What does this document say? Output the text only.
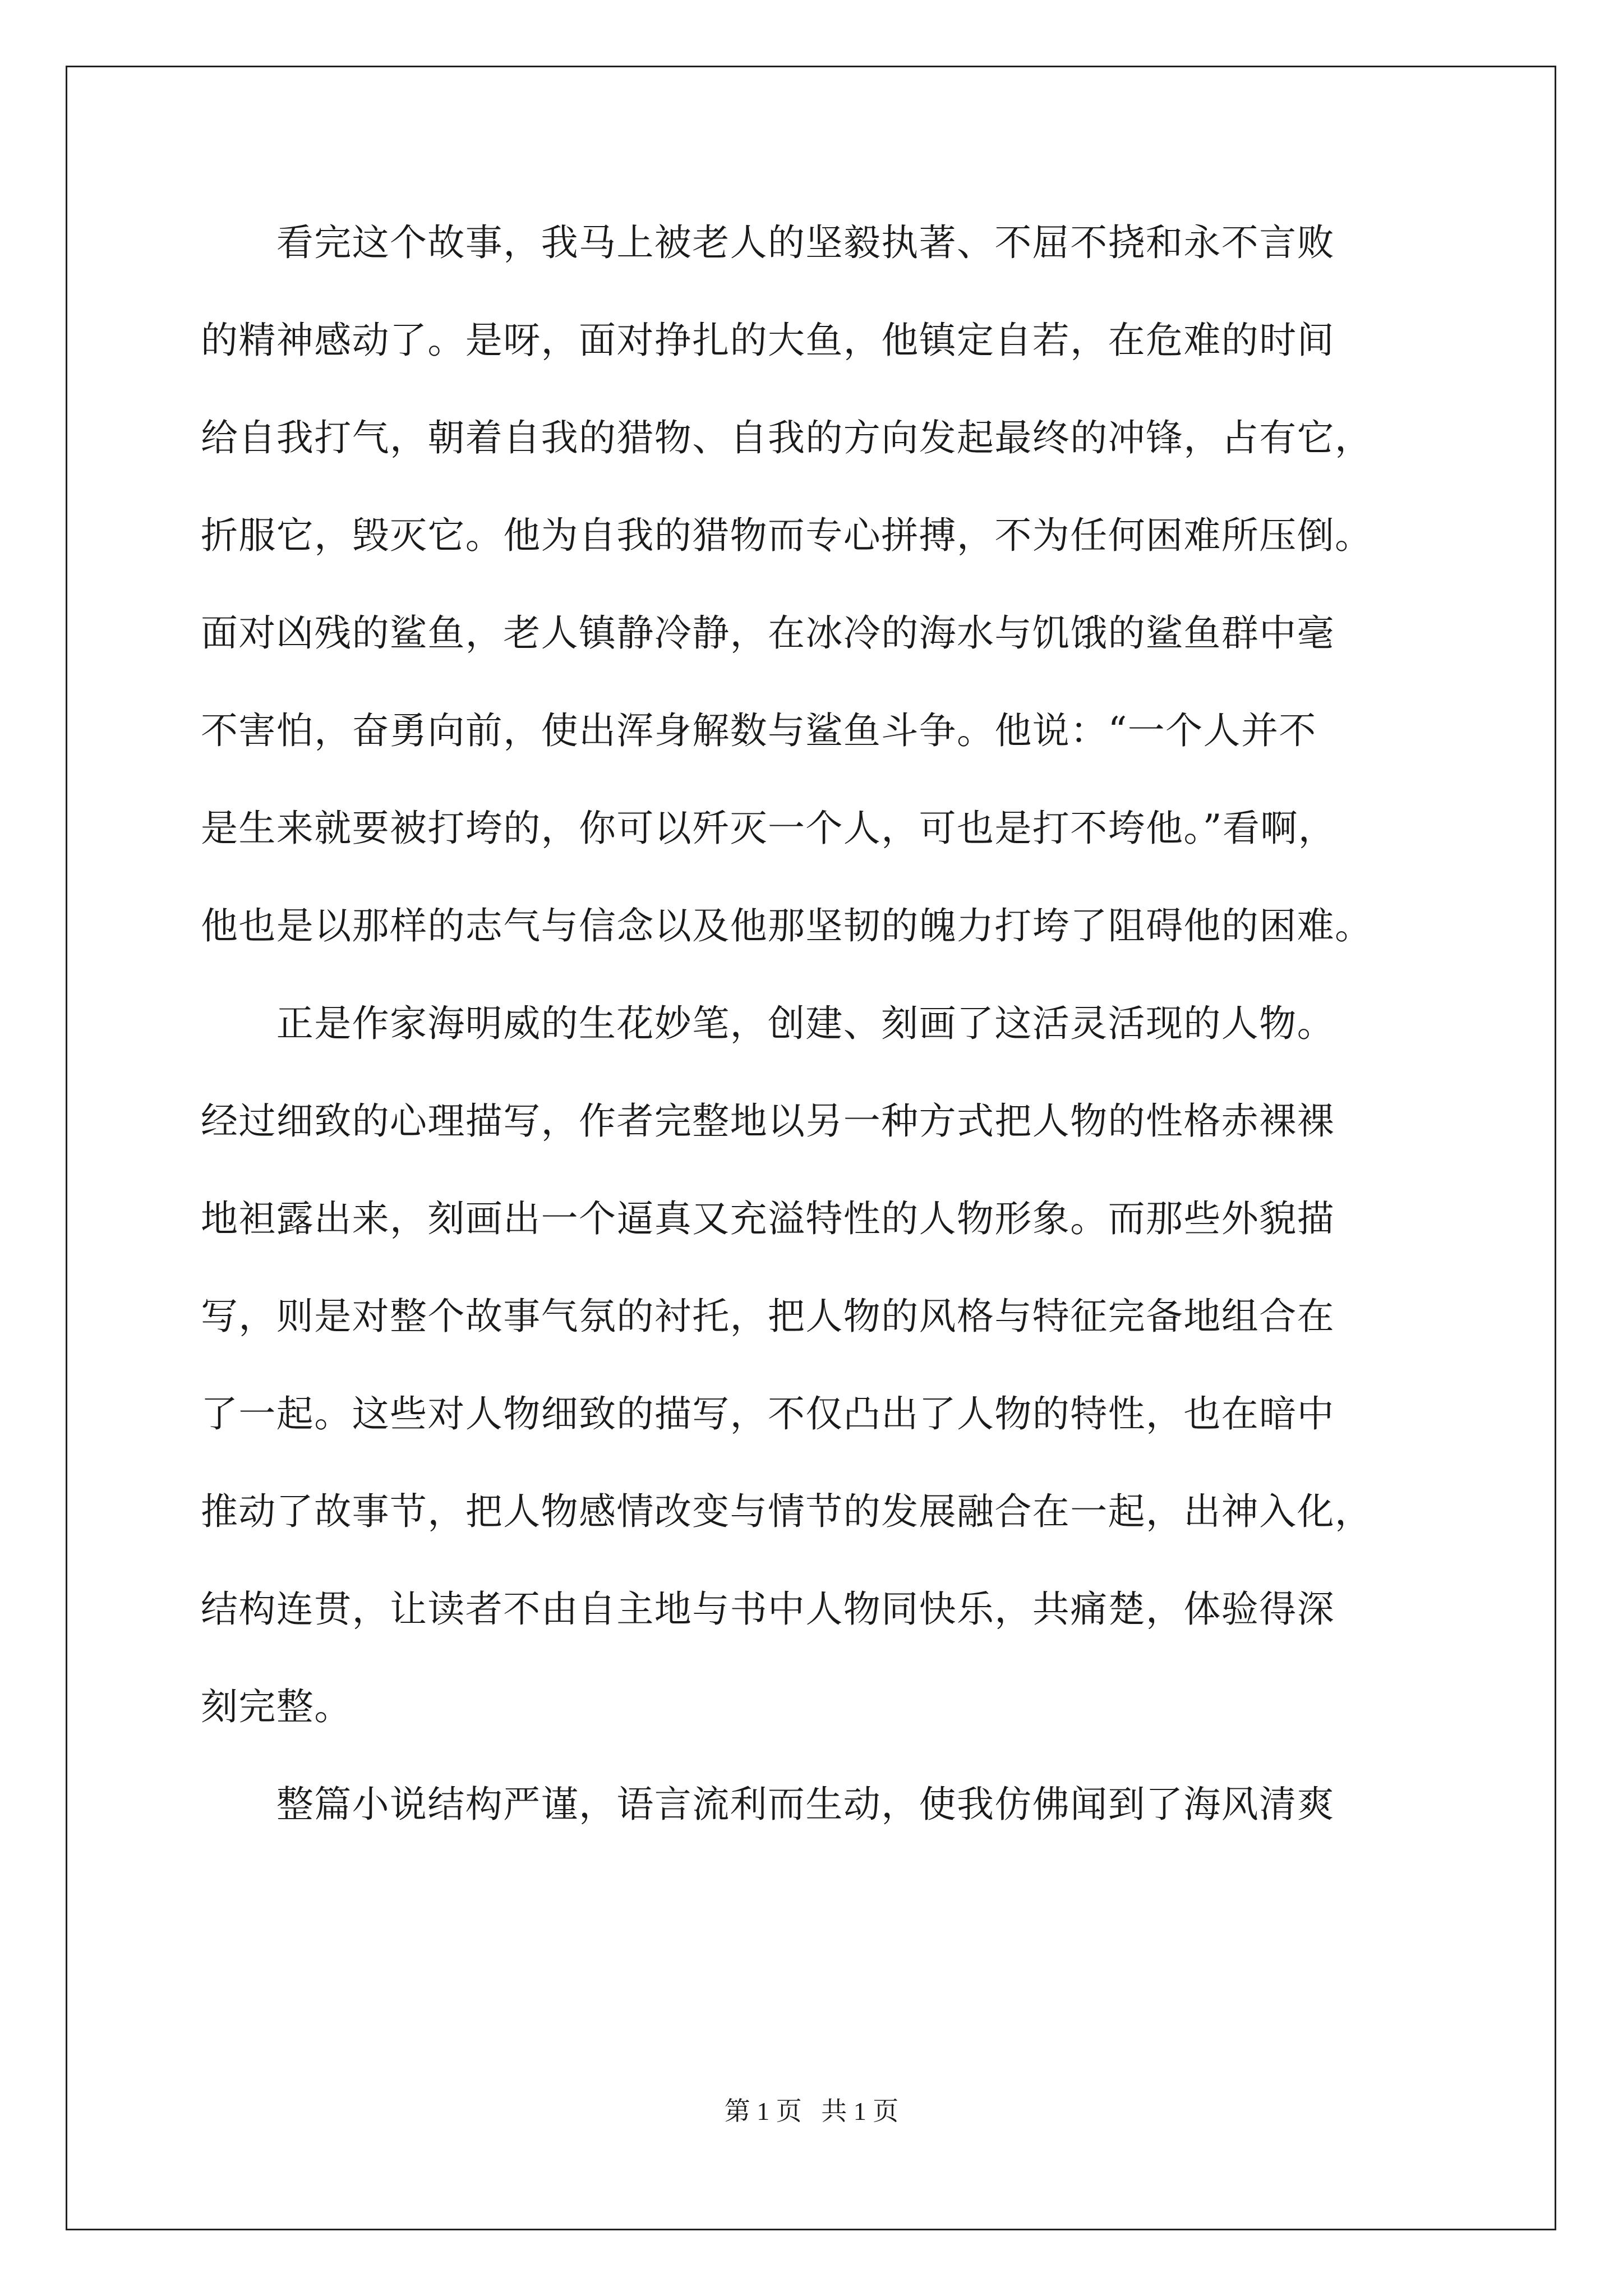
　　看完这个故事，我马上被老人的坚毅执著、不屈不挠和永不言败
的精神感动了。是呀，面对挣扎的大鱼，他镇定自若，在危难的时间
给自我打气，朝着自我的猎物、自我的方向发起最终的冲锋，占有它，
折服它，毁灭它。他为自我的猎物而专心拼搏，不为任何困难所压倒。
面对凶残的鲨鱼，老人镇静冷静，在冰冷的海水与饥饿的鲨鱼群中毫
不害怕，奋勇向前，使出浑身解数与鲨鱼斗争。他说：“一个人并不
是生来就要被打垮的，你可以歼灭一个人，可也是打不垮他。”看啊，
他也是以那样的志气与信念以及他那坚韧的魄力打垮了阻碍他的困难。
　　正是作家海明威的生花妙笔，创建、刻画了这活灵活现的人物。
经过细致的心理描写，作者完整地以另一种方式把人物的性格赤裸裸
地袒露出来，刻画出一个逼真又充溢特性的人物形象。而那些外貌描
写，则是对整个故事气氛的衬托，把人物的风格与特征完备地组合在
了一起。这些对人物细致的描写，不仅凸出了人物的特性，也在暗中
推动了故事节，把人物感情改变与情节的发展融合在一起，出神入化，
结构连贯，让读者不由自主地与书中人物同快乐，共痛楚，体验得深
刻完整。
　　整篇小说结构严谨，语言流利而生动，使我仿佛闻到了海风清爽
第 1 页   共 1 页
